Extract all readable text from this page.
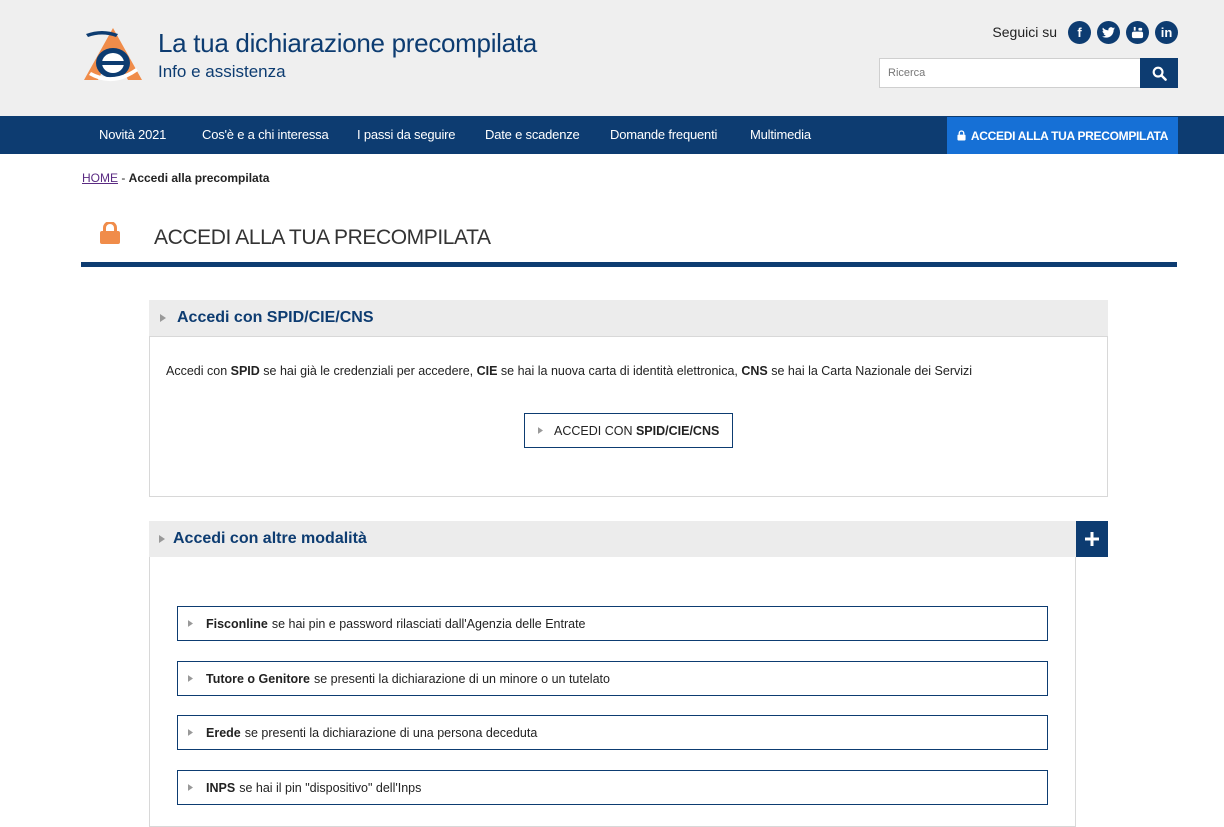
La tua dichiarazione precompilata
Info e assistenza
Seguici su	f	in
Ricerca
Novità 2021	Cos'è e a chi interessa I passi da seguire Date e scadenze Domande frequenti	Multimedia	ACCEDI ALLA TUA PRECOMPILATA
HOME - Accedi alla precompilata
ACCEDI ALLA TUA PRECOMPILATA
Accedi con SPID/CIE/CNS
Accedi con SPID se hai già le credenziali per accedere, CIE se hai la nuova carta di identità elettronica, CNS se hai la Carta Nazionale dei Servizi
ACCEDI CON SPID/CIE/CNS
Accedi con altre modalità
Fisconline se hai pin e password rilasciati dall'Agenzia delle Entrate
Tutore o Genitore se presenti la dichiarazione di un minore o un tutelato
Erede se presenti la dichiarazione di una persona deceduta
INPS se hai il pin "dispositivo" dell'Inps
